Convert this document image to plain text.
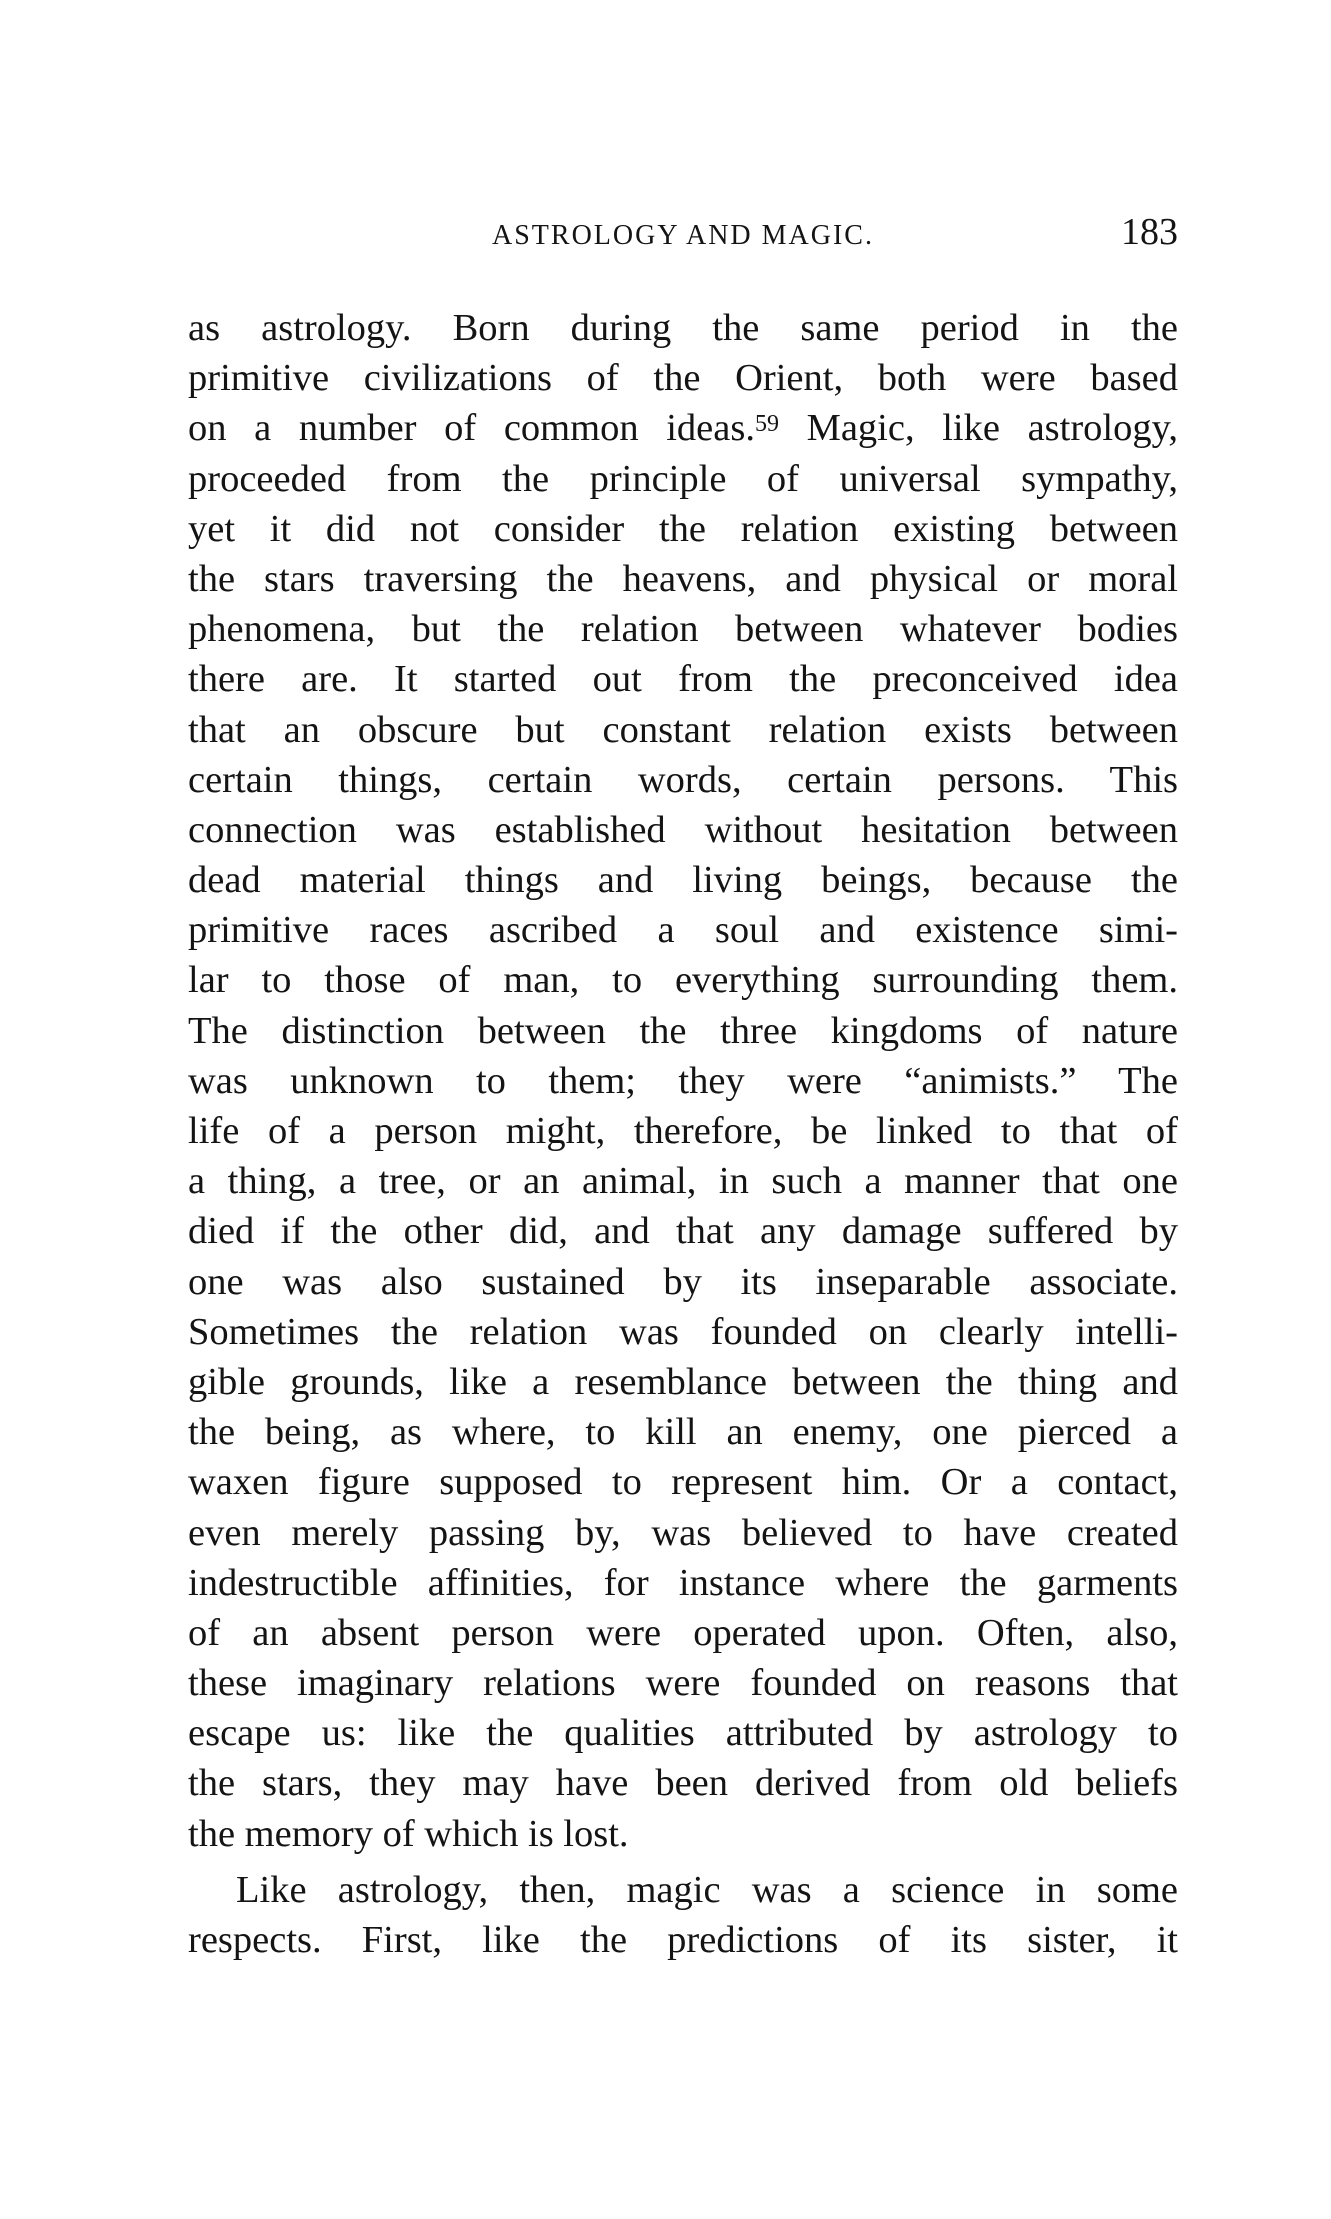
ASTROLOGY AND MAGIC.	183
as astrology. Born during the same period in the
primitive civilizations of the Orient, both were based
on a number of common ideas.$^{59}$ Magic, like astrology,
proceeded from the principle of universal sympathy,
yet it did not consider the relation existing between
the stars traversing the heavens, and physical or moral
phenomena, but the relation between whatever bodies
there are. It started out from the preconceived idea
that an obscure but constant relation exists between
certain things, certain words, certain persons. This
connection was established without hesitation between
dead material things and living beings, because the
primitive races ascribed a soul and existence simi-
lar to those of man, to everything surrounding them.
The distinction between the three kingdoms of nature
was unknown to them; they were “animists.” The
life of a person might, therefore, be linked to that of
a thing, a tree, or an animal, in such a manner that one
died if the other did, and that any damage suffered by
one was also sustained by its inseparable associate.
Sometimes the relation was founded on clearly intelli-
gible grounds, like a resemblance between the thing and
the being, as where, to kill an enemy, one pierced a
waxen figure supposed to represent him. Or a contact,
even merely passing by, was believed to have created
indestructible affinities, for instance where the garments
of an absent person were operated upon. Often, also,
these imaginary relations were founded on reasons that
escape us: like the qualities attributed by astrology to
the stars, they may have been derived from old beliefs
the memory of which is lost.
Like astrology, then, magic was a science in some
respects. First, like the predictions of its sister, it
